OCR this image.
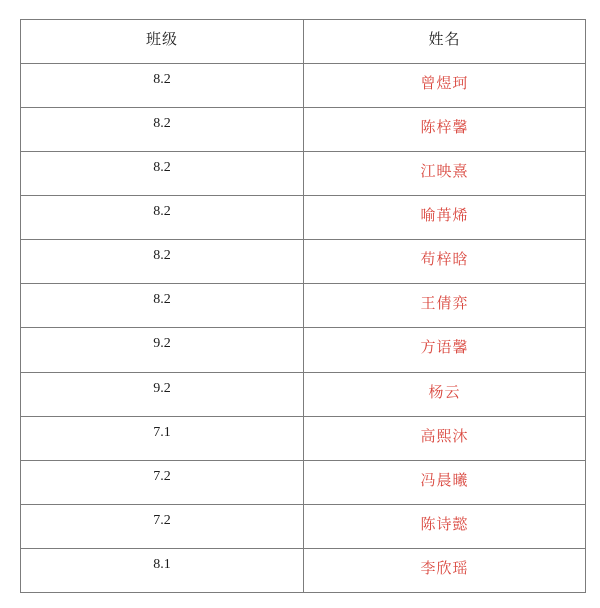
班级	姓名
8.2	曾煜珂
8.2	陈梓馨
8.2	江映熹
8.2	喻苒烯
8.2	苟梓晗
8.2	王倩弈
9.2	方语馨
9.2	杨云
7.1	高熙沐
7.2	冯晨曦
7.2	陈诗懿
8.1	李欣瑶
